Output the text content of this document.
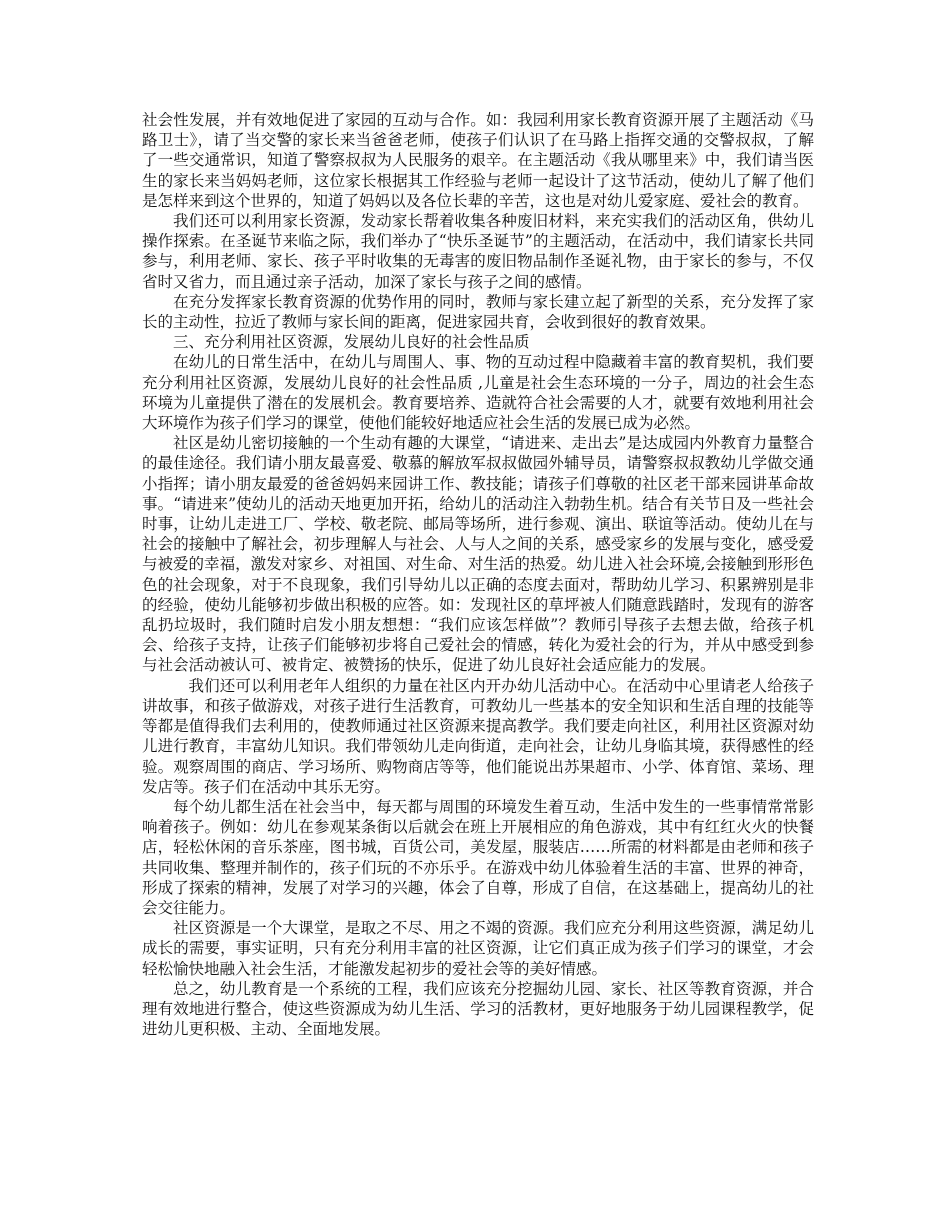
社会性发展，并有效地促进了家园的互动与合作。如：我园利用家长教育资源开展了主题活动《马路卫士》，请了当交警的家长来当爸爸老师，使孩子们认识了在马路上指挥交通的交警叔叔，了解了一些交通常识，知道了警察叔叔为人民服务的艰辛。在主题活动《我从哪里来》中，我们请当医生的家长来当妈妈老师，这位家长根据其工作经验与老师一起设计了这节活动，使幼儿了解了他们是怎样来到这个世界的，知道了妈妈以及各位长辈的辛苦，这也是对幼儿爱家庭、爱社会的教育。

我们还可以利用家长资源，发动家长帮着收集各种废旧材料，来充实我们的活动区角，供幼儿操作探索。在圣诞节来临之际，我们举办了“快乐圣诞节”的主题活动，在活动中，我们请家长共同参与，利用老师、家长、孩子平时收集的无毒害的废旧物品制作圣诞礼物，由于家长的参与，不仅省时又省力，而且通过亲子活动，加深了家长与孩子之间的感情。

在充分发挥家长教育资源的优势作用的同时，教师与家长建立起了新型的关系，充分发挥了家长的主动性，拉近了教师与家长间的距离，促进家园共育，会收到很好的教育效果。

三、充分利用社区资源，发展幼儿良好的社会性品质

在幼儿的日常生活中，在幼儿与周围人、事、物的互动过程中隐藏着丰富的教育契机，我们要充分利用社区资源，发展幼儿良好的社会性品质 ,儿童是社会生态环境的一分子，周边的社会生态环境为儿童提供了潜在的发展机会。教育要培养、造就符合社会需要的人才，就要有效地利用社会大环境作为孩子们学习的课堂，使他们能较好地适应社会生活的发展已成为必然。

社区是幼儿密切接触的一个生动有趣的大课堂，“请进来、走出去”是达成园内外教育力量整合的最佳途径。我们请小朋友最喜爱、敬慕的解放军叔叔做园外辅导员，请警察叔叔教幼儿学做交通小指挥；请小朋友最爱的爸爸妈妈来园讲工作、教技能；请孩子们尊敬的社区老干部来园讲革命故事。“请进来”使幼儿的活动天地更加开拓，给幼儿的活动注入勃勃生机。结合有关节日及一些社会时事，让幼儿走进工厂、学校、敬老院、邮局等场所，进行参观、演出、联谊等活动。使幼儿在与社会的接触中了解社会，初步理解人与社会、人与人之间的关系，感受家乡的发展与变化，感受爱与被爱的幸福，激发对家乡、对祖国、对生命、对生活的热爱。幼儿进入社会环境,会接触到形形色色的社会现象，对于不良现象，我们引导幼儿以正确的态度去面对，帮助幼儿学习、积累辨别是非的经验，使幼儿能够初步做出积极的应答。如：发现社区的草坪被人们随意践踏时，发现有的游客乱扔垃圾时，我们随时启发小朋友想想：“我们应该怎样做”？教师引导孩子去想去做，给孩子机会、给孩子支持，让孩子们能够初步将自己爱社会的情感，转化为爱社会的行为，并从中感受到参与社会活动被认可、被肯定、被赞扬的快乐，促进了幼儿良好社会适应能力的发展。

我们还可以利用老年人组织的力量在社区内开办幼儿活动中心。在活动中心里请老人给孩子讲故事，和孩子做游戏，对孩子进行生活教育，可教幼儿一些基本的安全知识和生活自理的技能等等都是值得我们去利用的，使教师通过社区资源来提高教学。我们要走向社区，利用社区资源对幼儿进行教育，丰富幼儿知识。我们带领幼儿走向街道，走向社会，让幼儿身临其境，获得感性的经验。观察周围的商店、学习场所、购物商店等等，他们能说出苏果超市、小学、体育馆、菜场、理发店等。孩子们在活动中其乐无穷。

每个幼儿都生活在社会当中，每天都与周围的环境发生着互动，生活中发生的一些事情常常影响着孩子。例如：幼儿在参观某条街以后就会在班上开展相应的角色游戏，其中有红红火火的快餐店，轻松休闲的音乐茶座，图书城，百货公司，美发屋，服装店……所需的材料都是由老师和孩子共同收集、整理并制作的，孩子们玩的不亦乐乎。在游戏中幼儿体验着生活的丰富、世界的神奇，形成了探索的精神，发展了对学习的兴趣，体会了自尊，形成了自信，在这基础上，提高幼儿的社会交往能力。

社区资源是一个大课堂，是取之不尽、用之不竭的资源。我们应充分利用这些资源，满足幼儿成长的需要，事实证明，只有充分利用丰富的社区资源，让它们真正成为孩子们学习的课堂，才会轻松愉快地融入社会生活，才能激发起初步的爱社会等的美好情感。

总之，幼儿教育是一个系统的工程，我们应该充分挖掘幼儿园、家长、社区等教育资源，并合理有效地进行整合，使这些资源成为幼儿生活、学习的活教材，更好地服务于幼儿园课程教学，促进幼儿更积极、主动、全面地发展。
